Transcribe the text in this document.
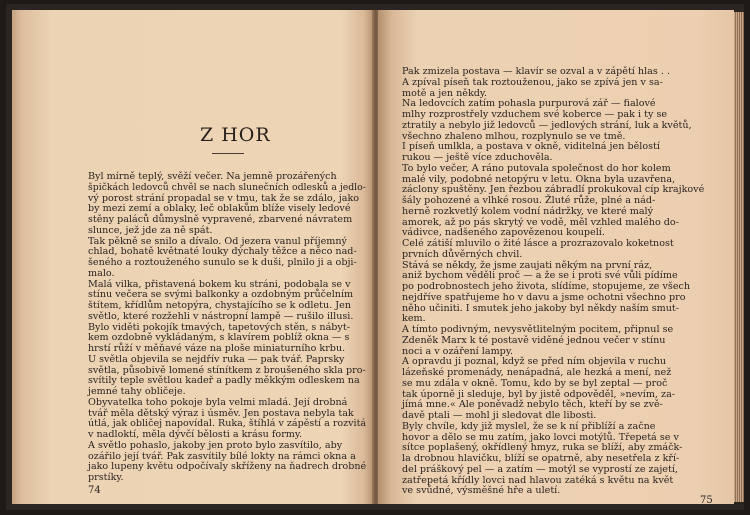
Z HOR
Byl mírně teplý, svěží večer. Na jemně prozářených
špičkách ledovců chvěl se nach slunečních odlesků a jedlo-
vý porost strání propadal se v tmu, tak že se zdálo, jako
by mezi zemí a oblaky, leč oblakům blíže visely ledové
stěny paláců důmyslně vypravené, zbarvené návratem
slunce, jež jde za ně spát.
Tak pěkně se snilo a dívalo. Od jezera vanul příjemný
chlad, bohatě květnaté louky dýchaly těžce a něco nad-
šeného a roztouženého sunulo se k duši, plnilo ji a obji-
malo.
Malá vilka, přistavená bokem ku stráni, podobala se v
stínu večera se svými balkonky a ozdobným průčelním
štítem, křídlům netopýra, chystajícího se k odletu. Jen
světlo, které rozžehli v nástropní lampě — rušilo illusi.
Bylo viděti pokojík tmavých, tapetových stěn, s nábyt-
kem ozdobně vykládaným, s klavírem poblíž okna — s
hrstí růží v měňavé váze na ploše miniaturního krbu.
U světla objevila se nejdřív ruka — pak tvář. Paprsky
světla, působivě lomené stínítkem z broušeného skla pro-
svítily teple světlou kadeř a padly měkkým odleskem na
jemné tahy obličeje.
Obyvatelka toho pokoje byla velmi mladá. Její drobná
tvář měla dětský výraz i úsměv. Jen postava nebyla tak
útlá, jak obličej napovídal. Ruka, štíhlá v zápěstí a rozvitá
v nadloktí, měla dývčí bělosti a krásu formy.
A světlo pohaslo, jakoby jen proto bylo zasvítilo, aby
ozářilo její tvář. Pak zasvítily bílé lokty na rámci okna a
jako lupeny květu odpočívaly skříženy na ňadrech drobné
prstíky.
74
Pak zmizela postava — klavír se ozval a v zápětí hlas . .
A zpíval píseň tak roztouženou, jako se zpívá jen v sa-
motě a jen někdy.
Na ledovcích zatím pohasla purpurová zář — fialové
mlhy rozprostřely vzduchem své koberce — pak i ty se
ztratily a nebylo již ledovců — jedlových strání, luk a květů,
všechno zhaleno mlhou, rozplynulo se ve tmě.
I píseň umlkla, a postava v okně, viditelná jen bělostí
rukou — ještě více zduchověla.
To bylo večer, A ráno putovala společnost do hor kolem
malé vily, podobné netopýru v letu. Okna byla uzavřena,
záclony spuštěny. Jen řezbou zábradlí prokukoval cíp krajkové
šály pohozené a vlhké rosou. Žluté růže, plné a nád-
herně rozkvetlý kolem vodní nádržky, ve které malý
amorek, až po pás skrytý ve vodě, měl vzhled malého do-
vádivce, nadšeného zapovězenou koupelí.
Celé zátiší mluvilo o žité lásce a prozrazovalo koketnost
prvních důvěrných chvil.
Stává se někdy, že jsme zaujati někým na první ráz,
aniž bychom věděli proč — a že se i proti své vůli pídíme
po podrobnostech jeho života, slídíme, stopujeme, ze všech
nejdříve spatřujeme ho v davu a jsme ochotni všechno pro
něho učiniti. I smutek jeho jakoby byl někdy naším smut-
kem.
A tímto podivným, nevysvětlitelným pocitem, připnul se
Zdeněk Marx k té postavě viděné jednou večer v stínu
noci a v ozáření lampy.
A opravdu ji poznal, když se před ním objevila v ruchu
lázeňské promenády, nenápadná, ale hezká a mení, než
se mu zdála v okně. Tomu, kdo by se byl zeptal — proč
tak úporně ji sleduje, byl by jistě odpověděl, »nevím, za-
jímá mne.« Ale poněvadž nebylo těch, kteří by se zvě-
davě ptali — mohl ji sledovat dle libosti.
Byly chvíle, kdy již myslel, že se k ní přiblíží a začne
hovor a dělo se mu zatím, jako lovci motýlů. Třepetá se v
sítce poplašený, okřídlený hmyz, ruka se blíží, aby zmáčk-
la drobnou hlavičku, blíží se opatrně, aby nesetřela z kří-
del práškový pel — a zatím — motýl se vyprostí ze zajetí,
zatřepetá křídly lovci nad hlavou zatéká s květu na květ
ve svůdné, výsměšné hře a uletí.
75
